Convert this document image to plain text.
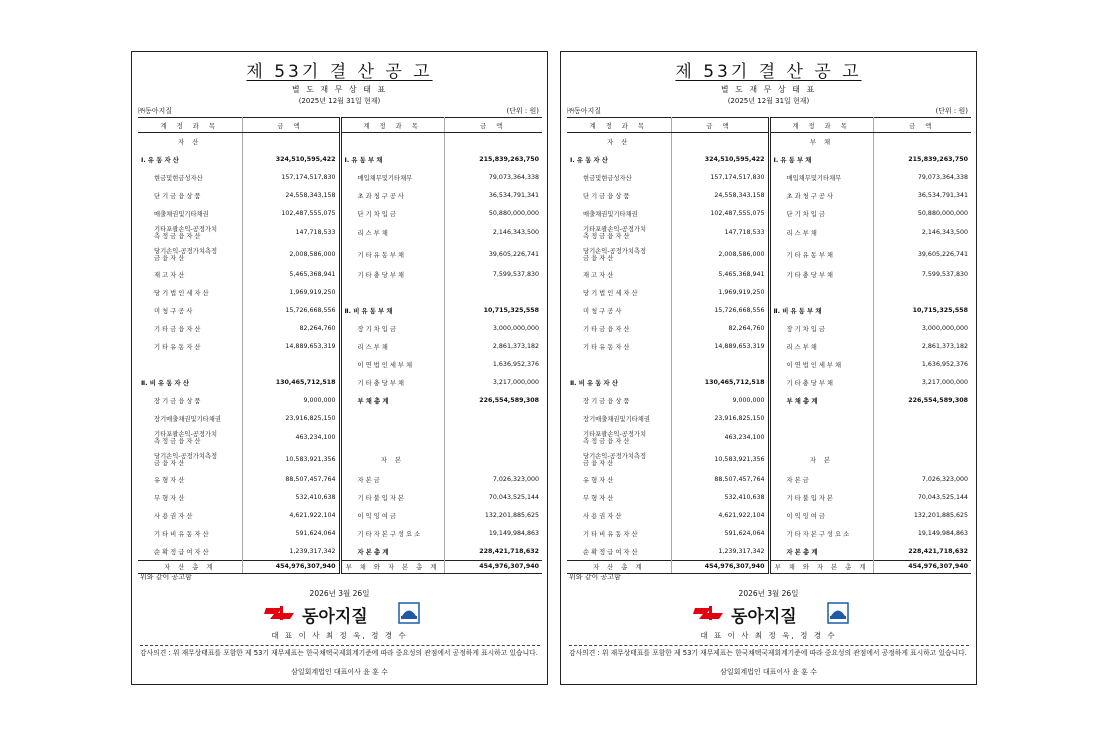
제 53기 결 산 공 고
별 도 재 무 상 태 표
(2025년 12월 31일 현재)
㈜동아지질	(단위 : 원)
계 정 과 목	금 액	계 정 과 목	금 액
자 산			
Ⅰ. 유 동 자 산	324,510,595,422	Ⅰ. 유 동 부 채	215,839,263,750
현금및현금성자산	157,174,517,830	매입채무및기타채무	79,073,364,338
단 기 금 융 상 품	24,558,343,158	초 과 청 구 공 사	36,534,791,341
매출채권및기타채권	102,487,555,075	단 기 차 입 금	50,880,000,000
기타포괄손익-공정가치
측 정 금 융 자 산	147,718,533	리 스 부 채	2,146,343,500
당기손익-공정가치측정
금 융 자 산	2,008,586,000	기 타 유 동 부 채	39,605,226,741
재 고 자 산	5,465,368,941	기 타 충 당 부 채	7,599,537,830
당 기 법 인 세 자 산	1,969,919,250		
미 청 구 공 사	15,726,668,556	Ⅱ. 비 유 동 부 채	10,715,325,558
기 타 금 융 자 산	82,264,760	장 기 차 입 금	3,000,000,000
기 타 유 동 자 산	14,889,653,319	리 스 부 채	2,861,373,182
		이 연 법 인 세 부 채	1,636,952,376
Ⅱ. 비 유 동 자 산	130,465,712,518	기 타 충 당 부 채	3,217,000,000
장 기 금 융 상 품	9,000,000	부 채 총 계	226,554,589,308
장기매출채권및기타채권	23,916,825,150		
기타포괄손익-공정가치
측 정 금 융 자 산	463,234,100		
당기손익-공정가치측정
금 융 자 산	10,583,921,356	자 본	
유 형 자 산	88,507,457,764	자 본 금	7,026,323,000
무 형 자 산	532,410,638	기 타 불 입 자 본	70,043,525,144
사 용 권 자 산	4,621,922,104	이 익 잉 여 금	132,201,885,625
기 타 비 유 동 자 산	591,624,064	기 타 자 본 구 성 요 소	19,149,984,863
순 확 정 급 여 자 산	1,239,317,342	자 본 총 계	228,421,718,632
자 산 총 계	454,976,307,940	부 채 와 자 본 총 계	454,976,307,940
위와 같이 공고함
2026년 3월 26일
동아지질
대 표 이 사 최 정 욱, 정 경 수
감사의견 : 위 재무상태표를 포함한 제 53기 재무제표는 한국채택국제회계기준에 따라 중요성의 관점에서 공정하게 표시하고 있습니다.
삼일회계법인 대표이사 윤 훈 수
제 53기 결 산 공 고
별 도 재 무 상 태 표
(2025년 12월 31일 현재)
㈜동아지질	(단위 : 원)
계 정 과 목	금 액	계 정 과 목	금 액
자 산		부 채	
Ⅰ. 유 동 자 산	324,510,595,422	Ⅰ. 유 동 부 채	215,839,263,750
현금및현금성자산	157,174,517,830	매입채무및기타채무	79,073,364,338
단 기 금 융 상 품	24,558,343,158	초 과 청 구 공 사	36,534,791,341
매출채권및기타채권	102,487,555,075	단 기 차 입 금	50,880,000,000
기타포괄손익-공정가치
측 정 금 융 자 산	147,718,533	리 스 부 채	2,146,343,500
당기손익-공정가치측정
금 융 자 산	2,008,586,000	기 타 유 동 부 채	39,605,226,741
재 고 자 산	5,465,368,941	기 타 충 당 부 채	7,599,537,830
당 기 법 인 세 자 산	1,969,919,250		
미 청 구 공 사	15,726,668,556	Ⅱ. 비 유 동 부 채	10,715,325,558
기 타 금 융 자 산	82,264,760	장 기 차 입 금	3,000,000,000
기 타 유 동 자 산	14,889,653,319	리 스 부 채	2,861,373,182
		이 연 법 인 세 부 채	1,636,952,376
Ⅱ. 비 유 동 자 산	130,465,712,518	기 타 충 당 부 채	3,217,000,000
장 기 금 융 상 품	9,000,000	부 채 총 계	226,554,589,308
장기매출채권및기타채권	23,916,825,150		
기타포괄손익-공정가치
측 정 금 융 자 산	463,234,100		
당기손익-공정가치측정
금 융 자 산	10,583,921,356	자 본	
유 형 자 산	88,507,457,764	자 본 금	7,026,323,000
무 형 자 산	532,410,638	기 타 불 입 자 본	70,043,525,144
사 용 권 자 산	4,621,922,104	이 익 잉 여 금	132,201,885,625
기 타 비 유 동 자 산	591,624,064	기 타 자 본 구 성 요 소	19,149,984,863
순 확 정 급 여 자 산	1,239,317,342	자 본 총 계	228,421,718,632
자 산 총 계	454,976,307,940	부 채 와 자 본 총 계	454,976,307,940
위와 같이 공고함
2026년 3월 26일
동아지질
대 표 이 사 최 정 욱, 정 경 수
감사의견 : 위 재무상태표를 포함한 제 53기 재무제표는 한국채택국제회계기준에 따라 중요성의 관점에서 공정하게 표시하고 있습니다.
삼일회계법인 대표이사 윤 훈 수
